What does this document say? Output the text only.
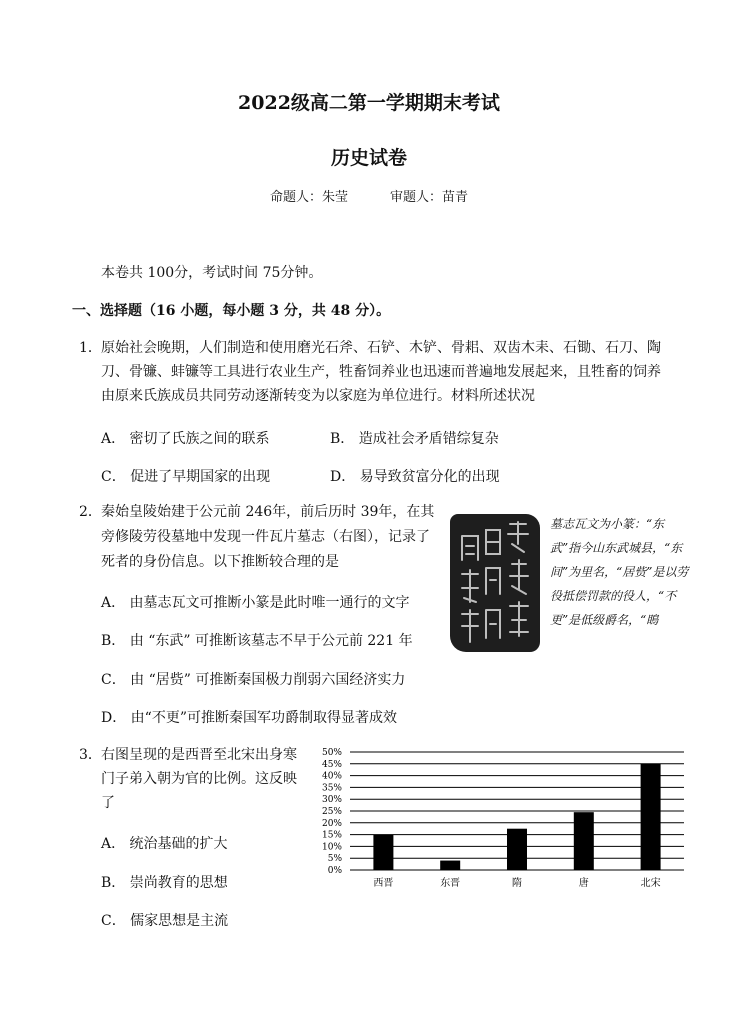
2022级高二第一学期期末考试
历史试卷
命题人：朱莹	审题人：苗青
本卷共 100分，考试时间 75分钟。
一、选择题（16 小题，每小题 3 分，共 48 分）。
1． 原始社会晚期，人们制造和使用磨光石斧、石铲、木铲、骨耜、双齿木耒、石锄、石刀、陶
刀、骨镰、蚌镰等工具进行农业生产，牲畜饲养业也迅速而普遍地发展起来，且牲畜的饲养
由原来氏族成员共同劳动逐渐转变为以家庭为单位进行。材料所述状况
A． 密切了氏族之间的联系	B． 造成社会矛盾错综复杂
C． 促进了早期国家的出现	D． 易导致贫富分化的出现
2． 秦始皇陵始建于公元前 246年，前后历时 39年，在其
旁修陵劳役墓地中发现一件瓦片墓志（右图），记录了
死者的身份信息。以下推断较合理的是
墓志瓦文为小篆：“东武”指今山东武城县，“东间”为里名，“居赀”是以劳役抵偿罚款的役人，“不更”是低级爵名，“瞗
A． 由墓志瓦文可推断小篆是此时唯一通行的文字
B． 由 “东武” 可推断该墓志不早于公元前 221 年
C． 由 “居赀” 可推断秦国极力削弱六国经济实力
D． 由“不更”可推断秦国军功爵制取得显著成效
3． 右图呈现的是西晋至北宋出身寒
门子弟入朝为官的比例。这反映
了
A． 统治基础的扩大
B． 崇尚教育的思想
C． 儒家思想是主流
0%
5%
10%
15%
20%
25%
30%
35%
40%
45%
50%
西晋	东晋	隋	唐	北宋
